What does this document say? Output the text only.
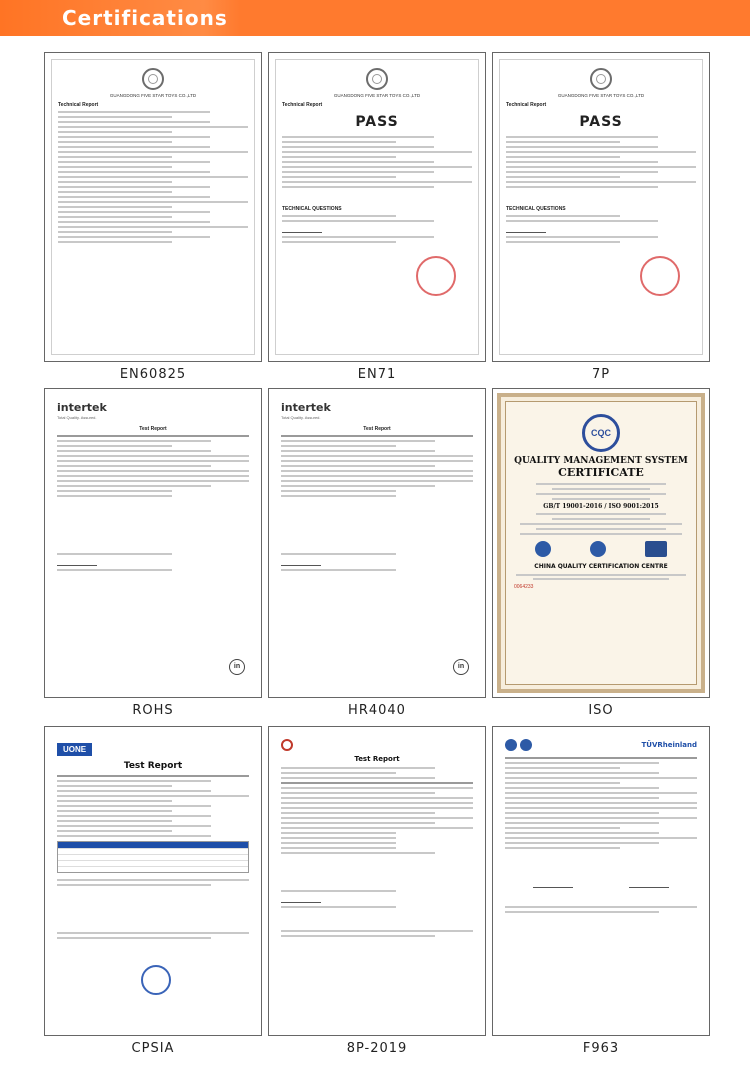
Certifications
GUANGDONG FIVE STAR TOYS CO.,LTD
Technical Report
EN60825
GUANGDONG FIVE STAR TOYS CO.,LTD
Technical Report
PASS
TECHNICAL QUESTIONS
EN71
GUANGDONG FIVE STAR TOYS CO.,LTD
Technical Report
PASS
TECHNICAL QUESTIONS
7P
intertek
Total Quality. Assured.
Test Report
in
ROHS
intertek
Total Quality. Assured.
Test Report
in
HR4040
CQC
QUALITY MANAGEMENT SYSTEM
CERTIFICATE
GB/T 19001-2016 / ISO 9001:2015
CHINA QUALITY CERTIFICATION CENTRE
0064233
ISO
UONE
Test Report
CPSIA
Test Report
8P-2019
TÜVRheinland
F963
